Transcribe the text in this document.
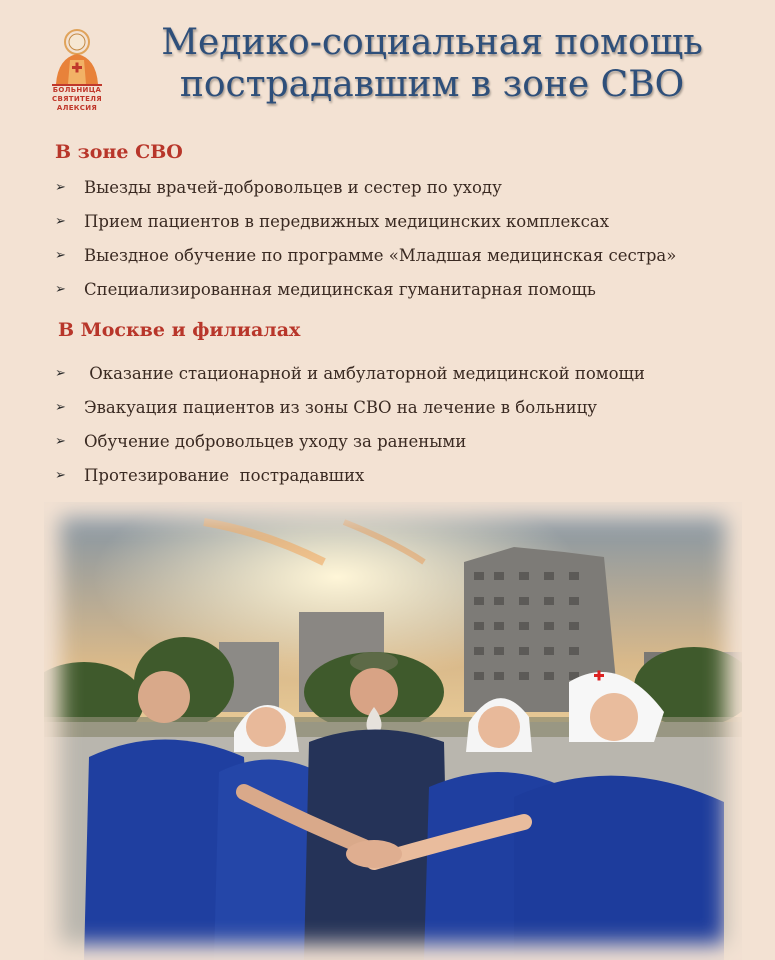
БОЛЬНИЦА
СВЯТИТЕЛЯ
АЛЕКСИЯ
Медико-социальная помощь
пострадавшим в зоне СВО
В зоне СВО
➢	Выезды врачей-добровольцев и сестер по уходу
➢	Прием пациентов в передвижных медицинских комплексах
➢	Выездное обучение по программе «Младшая медицинская сестра»
➢	Специализированная медицинская гуманитарная помощь
В Москве и филиалах
➢	Оказание стационарной и амбулаторной медицинской помощи
➢	Эвакуация пациентов из зоны СВО на лечение в больницу
➢	Обучение добровольцев уходу за ранеными
➢	Протезирование  пострадавших
